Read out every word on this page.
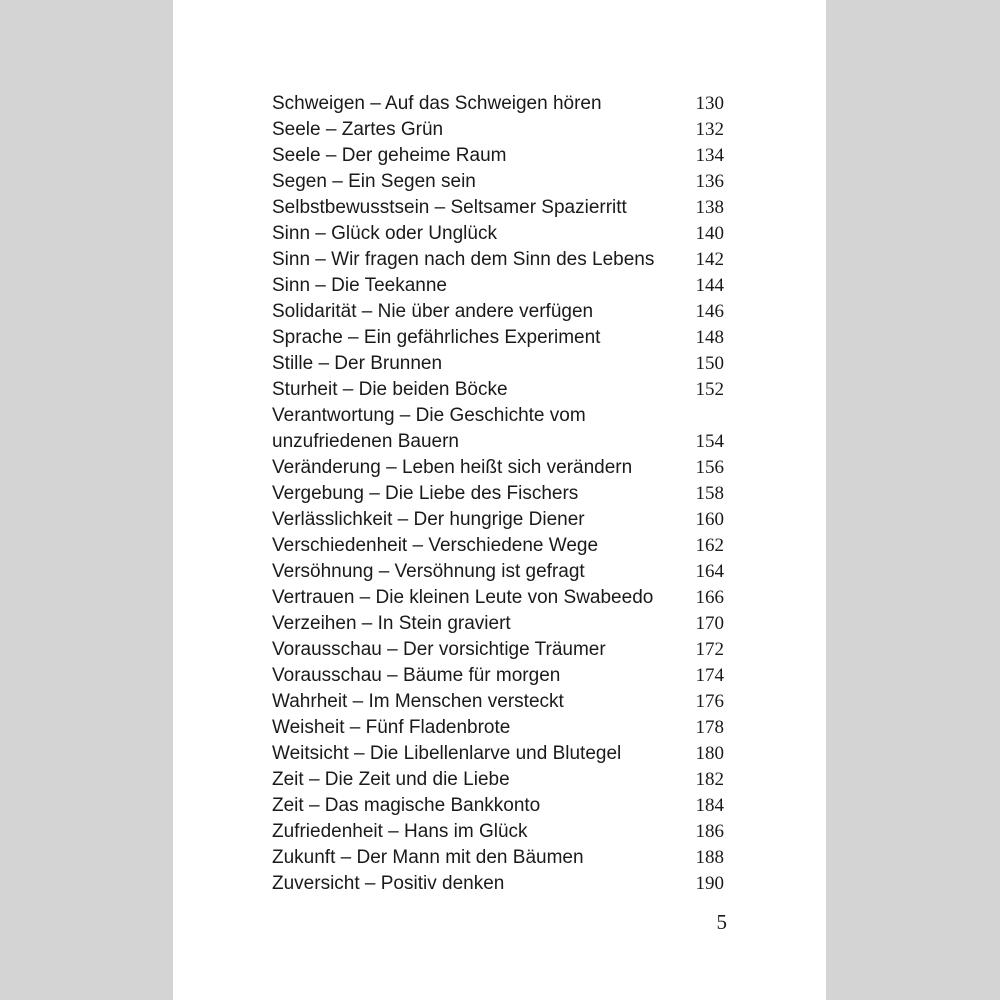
Schweigen – Auf das Schweigen hören	130
Seele – Zartes Grün	132
Seele – Der geheime Raum	134
Segen – Ein Segen sein	136
Selbstbewusstsein – Seltsamer Spazierritt	138
Sinn – Glück oder Unglück	140
Sinn – Wir fragen nach dem Sinn des Lebens	142
Sinn – Die Teekanne	144
Solidarität – Nie über andere verfügen	146
Sprache – Ein gefährliches Experiment	148
Stille – Der Brunnen	150
Sturheit – Die beiden Böcke	152
Verantwortung – Die Geschichte vom unzufriedenen Bauern	154
Veränderung – Leben heißt sich verändern	156
Vergebung – Die Liebe des Fischers	158
Verlässlichkeit – Der hungrige Diener	160
Verschiedenheit – Verschiedene Wege	162
Versöhnung – Versöhnung ist gefragt	164
Vertrauen – Die kleinen Leute von Swabeedo	166
Verzeihen – In Stein graviert	170
Vorausschau – Der vorsichtige Träumer	172
Vorausschau – Bäume für morgen	174
Wahrheit – Im Menschen versteckt	176
Weisheit – Fünf Fladenbrote	178
Weitsicht – Die Libellenlarve und Blutegel	180
Zeit – Die Zeit und die Liebe	182
Zeit – Das magische Bankkonto	184
Zufriedenheit – Hans im Glück	186
Zukunft – Der Mann mit den Bäumen	188
Zuversicht – Positiv denken	190
5
